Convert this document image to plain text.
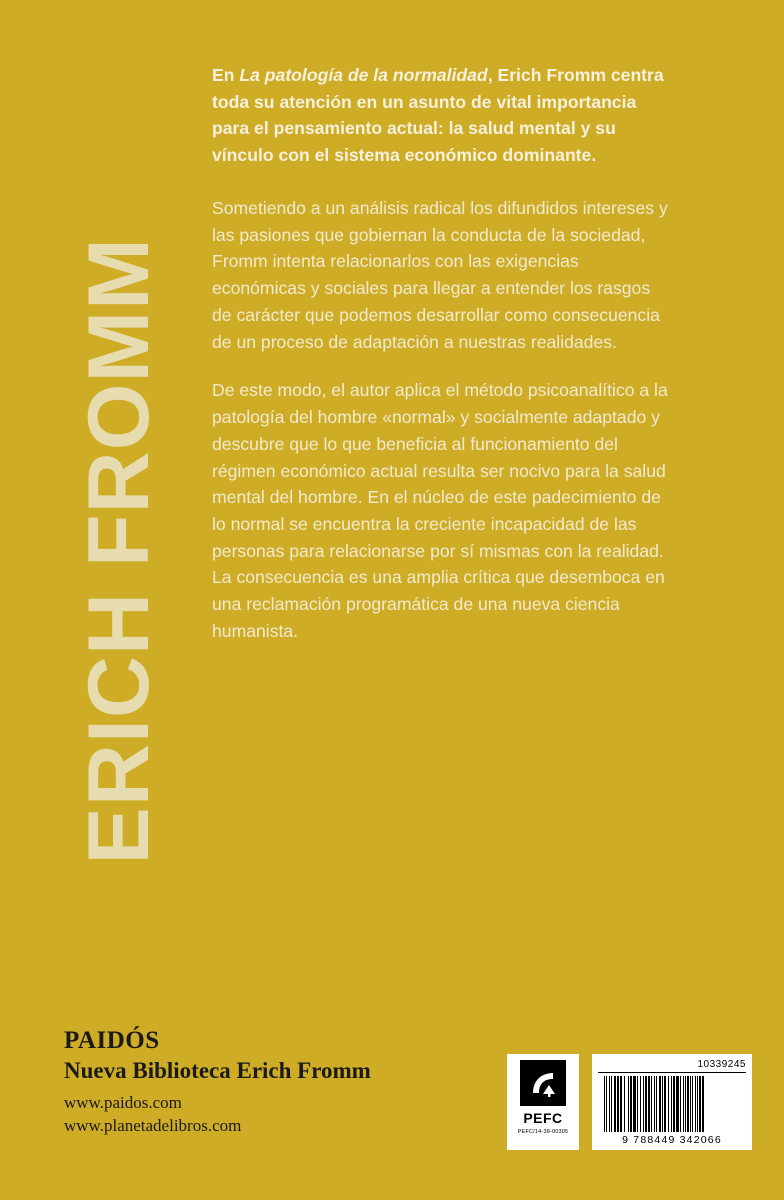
ERICH FROMM

En La patología de la normalidad, Erich Fromm centra toda su atención en un asunto de vital importancia para el pensamiento actual: la salud mental y su vínculo con el sistema económico dominante.

Sometiendo a un análisis radical los difundidos intereses y las pasiones que gobiernan la conducta de la sociedad, Fromm intenta relacionarlos con las exigencias económicas y sociales para llegar a entender los rasgos de carácter que podemos desarrollar como consecuencia de un proceso de adaptación a nuestras realidades.

De este modo, el autor aplica el método psicoanalítico a la patología del hombre «normal» y socialmente adaptado y descubre que lo que beneficia al funcionamiento del régimen económico actual resulta ser nocivo para la salud mental del hombre. En el núcleo de este padecimiento de lo normal se encuentra la creciente incapacidad de las personas para relacionarse por sí mismas con la realidad. La consecuencia es una amplia crítica que desemboca en una reclamación programática de una nueva ciencia humanista.

PAIDÓS
Nueva Biblioteca Erich Fromm
www.paidos.com
www.planetadelibros.com	PEFC
PEFC/14-38-00305
10339245
9 788449 342066
